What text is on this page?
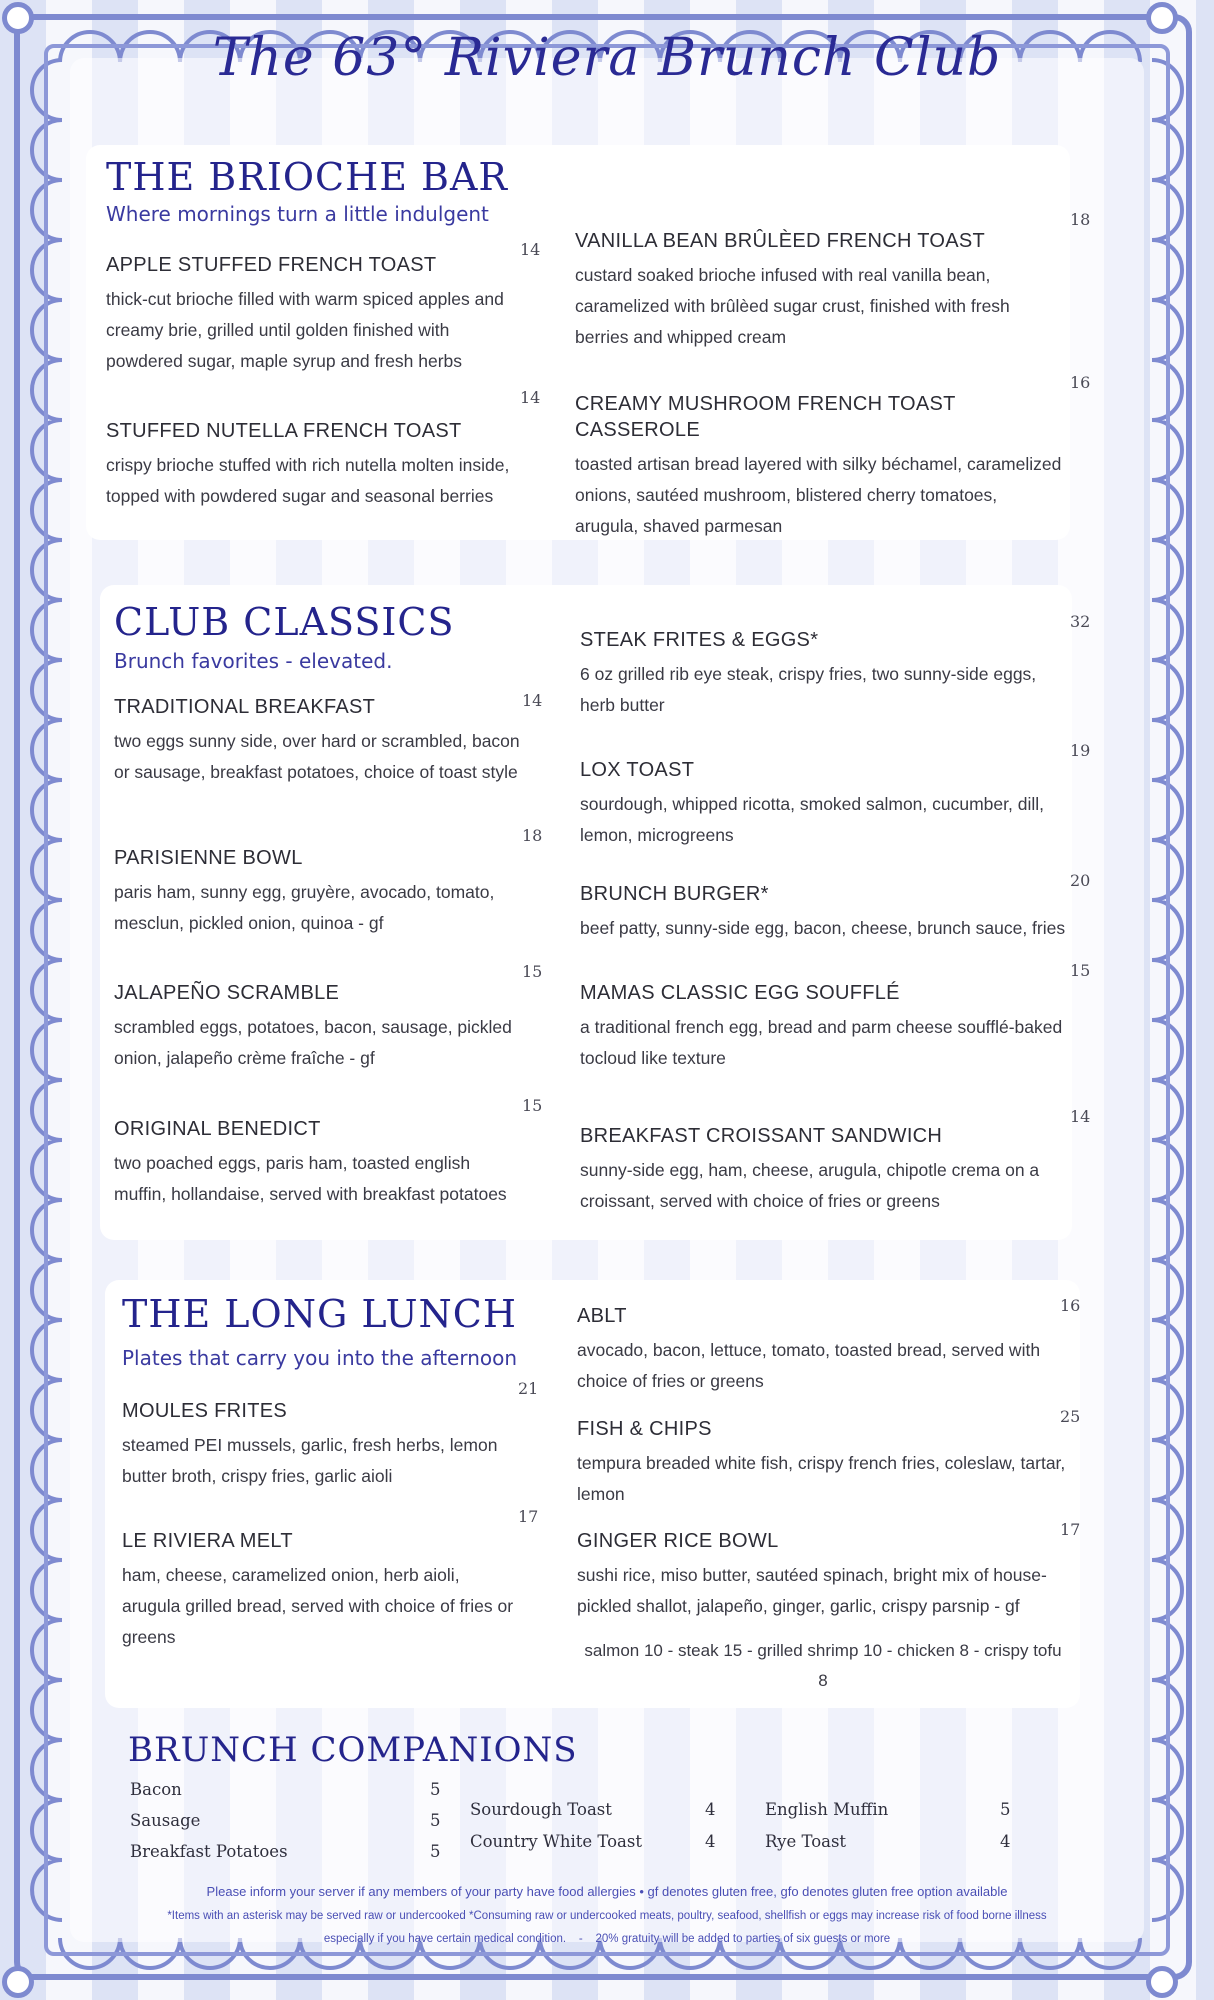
The 63° Riviera Brunch Club
THE BRIOCHE BAR
Where mornings turn a little indulgent
14
APPLE STUFFED FRENCH TOAST
thick-cut brioche filled with warm spiced apples and creamy brie, grilled until golden finished with powdered sugar, maple syrup and fresh herbs
14
STUFFED NUTELLA FRENCH TOAST
crispy brioche stuffed with rich nutella molten inside, topped with powdered sugar and seasonal berries
18
VANILLA BEAN BRÛLÈED FRENCH TOAST
custard soaked brioche infused with real vanilla bean, caramelized with brûlèed sugar crust, finished with fresh berries and whipped cream
16
CREAMY MUSHROOM FRENCH TOAST CASSEROLE
toasted artisan bread layered with silky béchamel, caramelized onions, sautéed mushroom, blistered cherry tomatoes, arugula, shaved parmesan
CLUB CLASSICS
Brunch favorites - elevated.
14
TRADITIONAL BREAKFAST
two eggs sunny side, over hard or scrambled, bacon or sausage, breakfast potatoes, choice of toast style
18
PARISIENNE BOWL
paris ham, sunny egg, gruyère, avocado, tomato, mesclun, pickled onion, quinoa - gf
15
JALAPEÑO SCRAMBLE
scrambled eggs, potatoes, bacon, sausage, pickled onion, jalapeño crème fraîche - gf
15
ORIGINAL BENEDICT
two poached eggs, paris ham, toasted english muffin, hollandaise, served with breakfast potatoes
32
STEAK FRITES & EGGS*
6 oz grilled rib eye steak, crispy fries, two sunny-side eggs, herb butter
19
LOX TOAST
sourdough, whipped ricotta, smoked salmon, cucumber, dill, lemon, microgreens
20
BRUNCH BURGER*
beef patty, sunny-side egg, bacon, cheese, brunch sauce, fries
15
MAMAS CLASSIC EGG SOUFFLÉ
a traditional french egg, bread and parm cheese soufflé-baked tocloud like texture
14
BREAKFAST CROISSANT SANDWICH
sunny-side egg, ham, cheese, arugula, chipotle crema on a croissant, served with choice of fries or greens
THE LONG LUNCH
Plates that carry you into the afternoon
21
MOULES FRITES
steamed PEI mussels, garlic, fresh herbs, lemon butter broth, crispy fries, garlic aioli
17
LE RIVIERA MELT
ham, cheese, caramelized onion, herb aioli, arugula grilled bread, served with choice of fries or greens
16
ABLT
avocado, bacon, lettuce, tomato, toasted bread, served with choice of fries or greens
25
FISH & CHIPS
tempura breaded white fish, crispy french fries, coleslaw, tartar, lemon
17
GINGER RICE BOWL
sushi rice, miso butter, sautéed spinach, bright mix of house-pickled shallot, jalapeño, ginger, garlic, crispy parsnip - gf
salmon 10 - steak 15 - grilled shrimp 10 - chicken 8 - crispy tofu 8
BRUNCH COMPANIONS
Bacon	5
Sausage	5
Breakfast Potatoes	5
Sourdough Toast	4
Country White Toast	4
English Muffin	5
Rye Toast	4
Please inform your server if any members of your party have food allergies • gf denotes gluten free, gfo denotes gluten free option available
*Items with an asterisk may be served raw or undercooked *Consuming raw or undercooked meats, poultry, seafood, shellfish or eggs may increase risk of food borne illness
especially if you have certain medical condition.    -    20% gratuity will be added to parties of six guests or more
